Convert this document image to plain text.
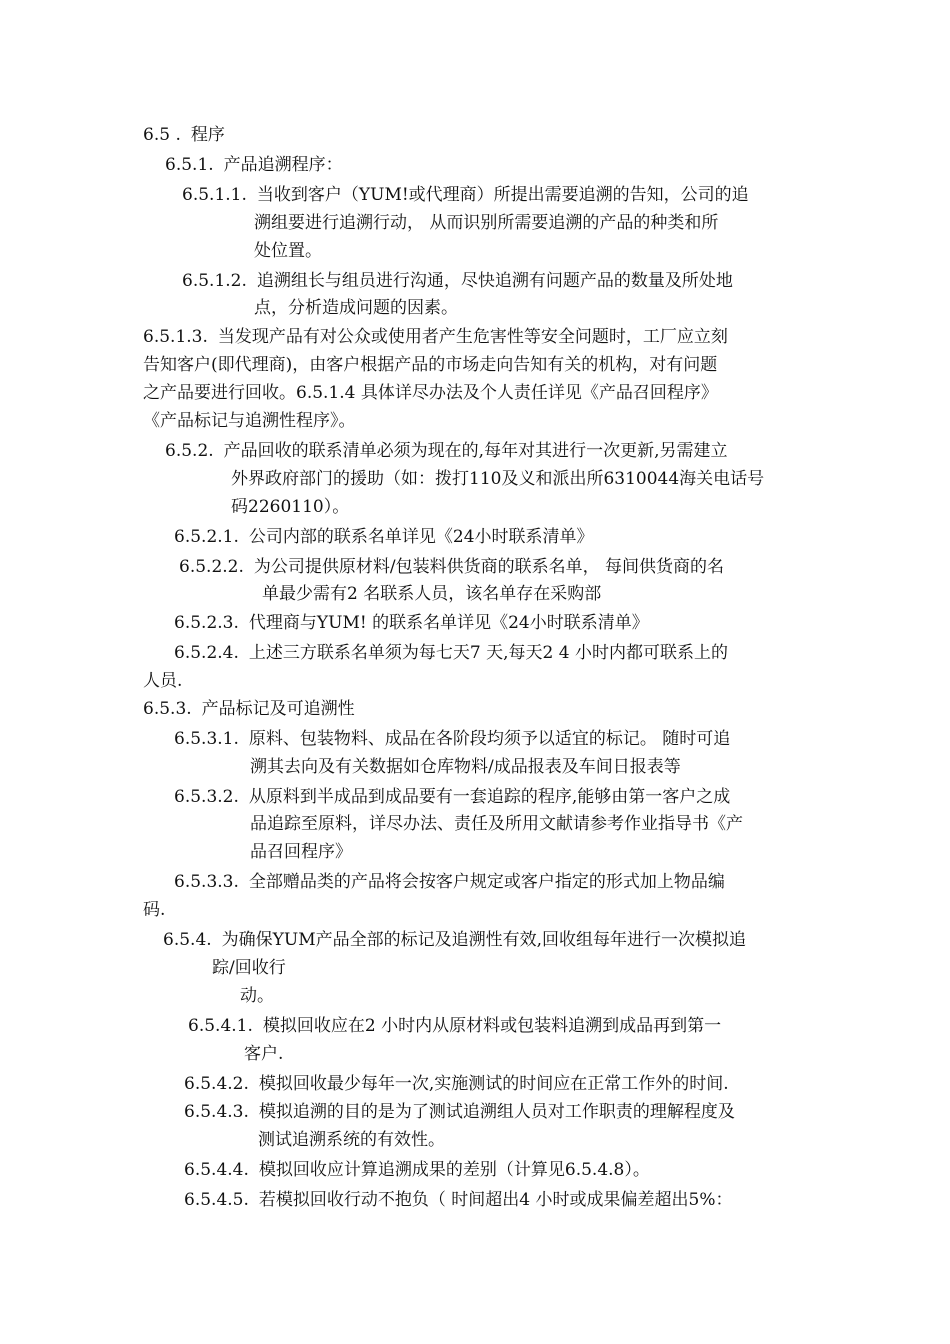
6.5 . 程序
6.5.1. 产品追溯程序：
6.5.1.1. 当收到客户（YUM!或代理商）所提出需要追溯的告知，公司的追
溯组要进行追溯行动， 从而识别所需要追溯的产品的种类和所
处位置。
6.5.1.2. 追溯组长与组员进行沟通，尽快追溯有问题产品的数量及所处地
点，分析造成问题的因素。
6.5.1.3. 当发现产品有对公众或使用者产生危害性等安全问题时，工厂应立刻
告知客户(即代理商)，由客户根据产品的市场走向告知有关的机构，对有问题
之产品要进行回收。6.5.1.4 具体详尽办法及个人责任详见《产品召回程序》
《产品标记与追溯性程序》。
6.5.2. 产品回收的联系清单必须为现在的,每年对其进行一次更新,另需建立
外界政府部门的援助（如：拨打110及义和派出所6310044海关电话号
码2260110）。
6.5.2.1. 公司内部的联系名单详见《24小时联系清单》
6.5.2.2. 为公司提供原材料/包装料供货商的联系名单， 每间供货商的名
单最少需有2 名联系人员，该名单存在采购部
6.5.2.3. 代理商与YUM! 的联系名单详见《24小时联系清单》
6.5.2.4. 上述三方联系名单须为每七天7 天,每天2 4 小时内都可联系上的
人员.
6.5.3. 产品标记及可追溯性
6.5.3.1. 原料、包装物料、成品在各阶段均须予以适宜的标记。 随时可追
溯其去向及有关数据如仓库物料/成品报表及车间日报表等
6.5.3.2. 从原料到半成品到成品要有一套追踪的程序,能够由第一客户之成
品追踪至原料，详尽办法、责任及所用文献请参考作业指导书《产
品召回程序》
6.5.3.3. 全部赠品类的产品将会按客户规定或客户指定的形式加上物品编
码.
6.5.4. 为确保YUM产品全部的标记及追溯性有效,回收组每年进行一次模拟追
踪/回收行
动。
6.5.4.1. 模拟回收应在2 小时内从原材料或包装料追溯到成品再到第一
客户.
6.5.4.2. 模拟回收最少每年一次,实施测试的时间应在正常工作外的时间.
6.5.4.3. 模拟追溯的目的是为了测试追溯组人员对工作职责的理解程度及
测试追溯系统的有效性。
6.5.4.4. 模拟回收应计算追溯成果的差别（计算见6.5.4.8）。
6.5.4.5. 若模拟回收行动不抱负（ 时间超出4 小时或成果偏差超出5%：
